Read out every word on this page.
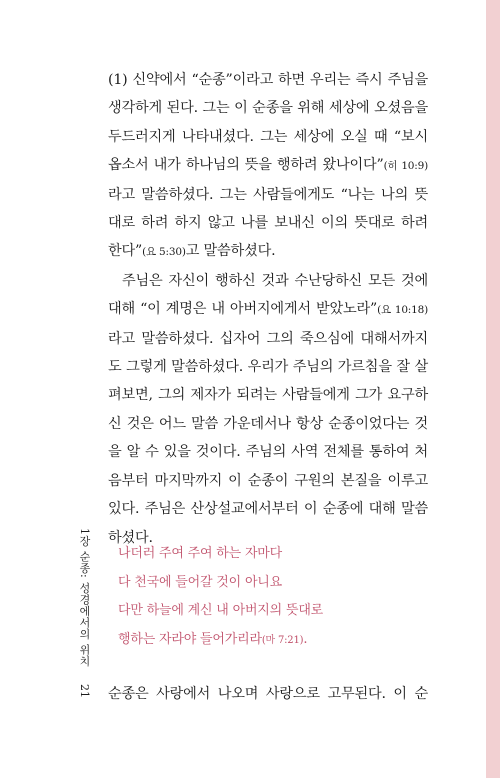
(1) 신약에서 “순종”이라고 하면 우리는 즉시 주님을 생각하게 된다. 그는 이 순종을 위해 세상에 오셨음을 두드러지게 나타내셨다. 그는 세상에 오실 때 “보시옵소서 내가 하나님의 뜻을 행하려 왔나이다”(히 10:9)라고 말씀하셨다. 그는 사람들에게도 “나는 나의 뜻대로 하려 하지 않고 나를 보내신 이의 뜻대로 하려 한다”(요 5:30)고 말씀하셨다.

주님은 자신이 행하신 것과 수난당하신 모든 것에 대해 “이 계명은 내 아버지에게서 받았노라”(요 10:18)라고 말씀하셨다. 십자어 그의 죽으심에 대해서까지도 그렇게 말씀하셨다. 우리가 주님의 가르침을 잘 살펴보면, 그의 제자가 되려는 사람들에게 그가 요구하신 것은 어느 말씀 가운데서나 항상 순종이었다는 것을 알 수 있을 것이다. 주님의 사역 전체를 통하여 처음부터 마지막까지 이 순종이 구원의 본질을 이루고 있다. 주님은 산상설교에서부터 이 순종에 대해 말씀하셨다.

나더러 주여 주여 하는 자마다
다 천국에 들어갈 것이 아니요
다만 하늘에 계신 내 아버지의 뜻대로
행하는 자라야 들어가리라(마 7:21).
1장 순종: 성경에서의 위치
21 순종은 사랑에서 나오며 사랑으로 고무된다. 이 순
